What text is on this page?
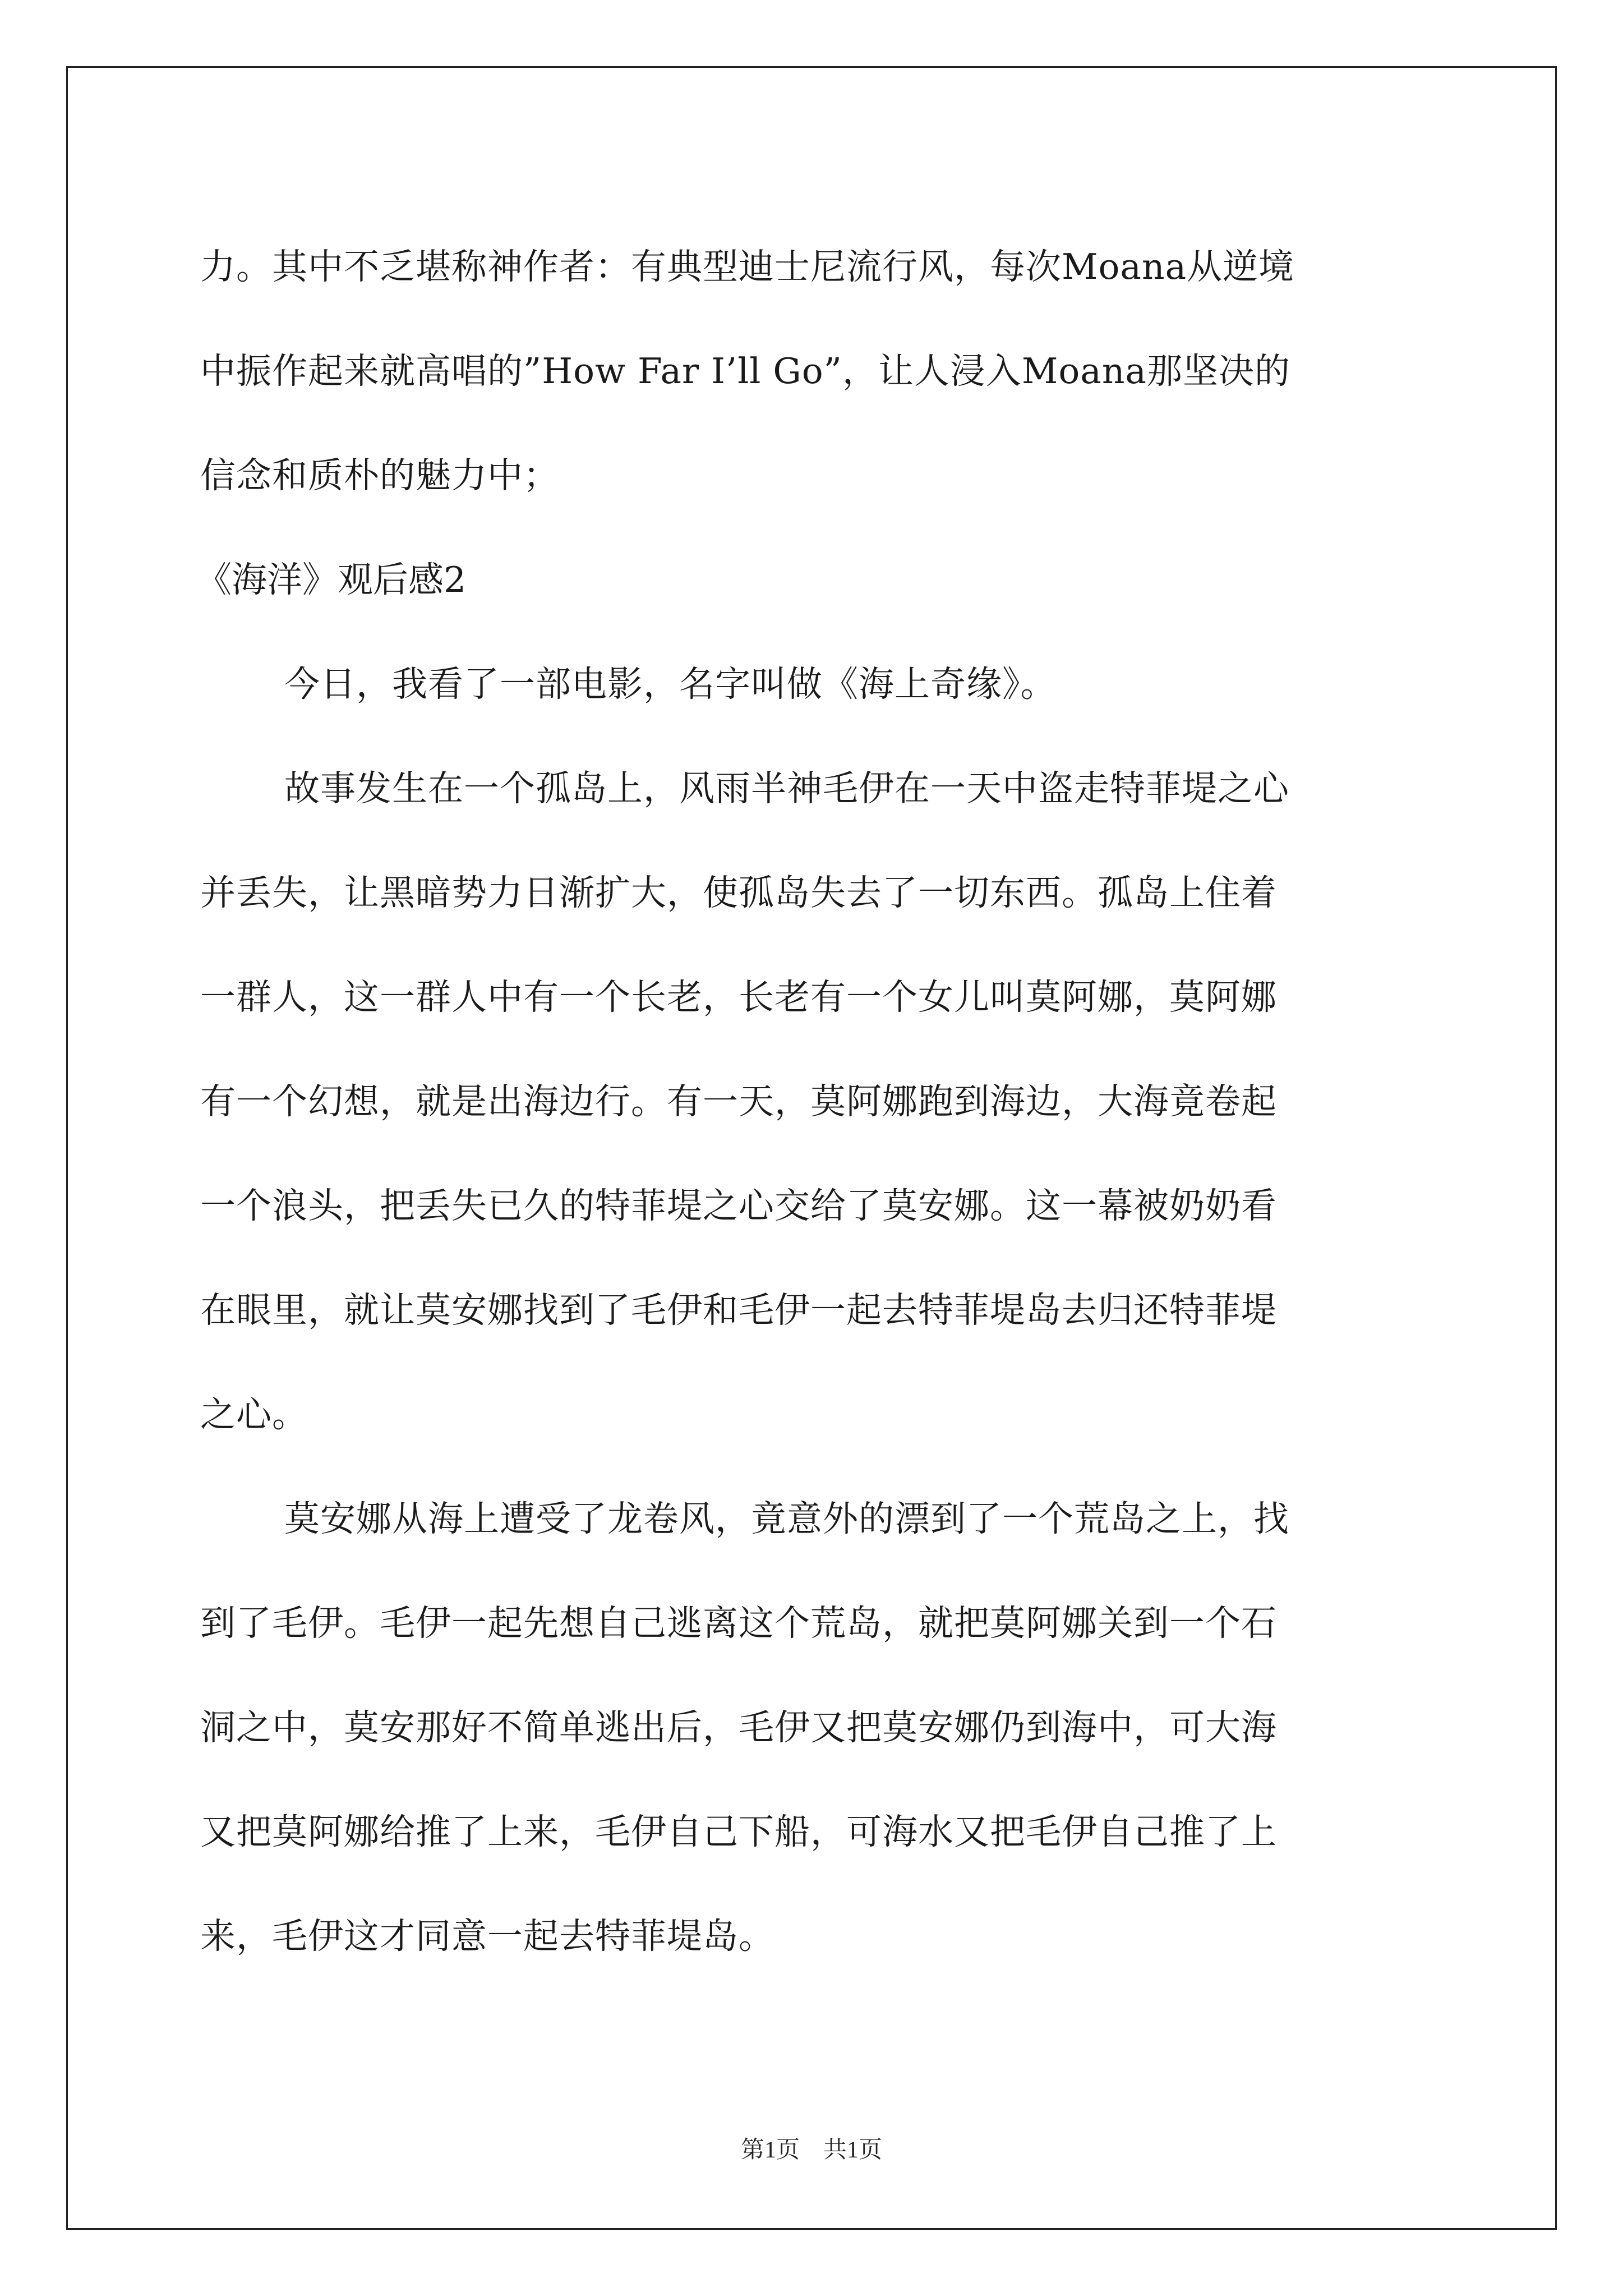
力。其中不乏堪称神作者：有典型迪士尼流行风，每次Moana从逆境
中振作起来就高唱的”How Far I’ll Go”，让人浸入Moana那坚决的
信念和质朴的魅力中；
《海洋》观后感2
今日，我看了一部电影，名字叫做《海上奇缘》。
故事发生在一个孤岛上，风雨半神毛伊在一天中盗走特菲堤之心
并丢失，让黑暗势力日渐扩大，使孤岛失去了一切东西。孤岛上住着
一群人，这一群人中有一个长老，长老有一个女儿叫莫阿娜，莫阿娜
有一个幻想，就是出海边行。有一天，莫阿娜跑到海边，大海竟卷起
一个浪头，把丢失已久的特菲堤之心交给了莫安娜。这一幕被奶奶看
在眼里，就让莫安娜找到了毛伊和毛伊一起去特菲堤岛去归还特菲堤
之心。
莫安娜从海上遭受了龙卷风，竟意外的漂到了一个荒岛之上，找
到了毛伊。毛伊一起先想自己逃离这个荒岛，就把莫阿娜关到一个石
洞之中，莫安那好不简单逃出后，毛伊又把莫安娜仍到海中，可大海
又把莫阿娜给推了上来，毛伊自己下船，可海水又把毛伊自己推了上
来，毛伊这才同意一起去特菲堤岛。
第1页　共1页
